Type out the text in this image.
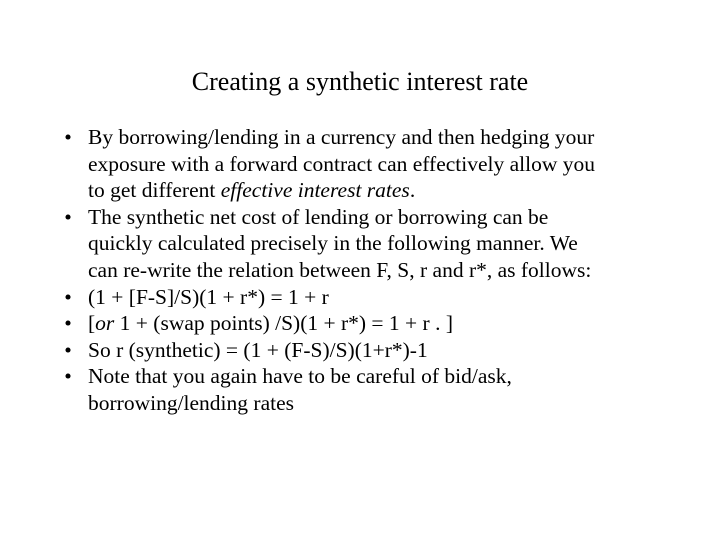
Creating a synthetic interest rate
• By borrowing/lending in a currency and then hedging your
exposure with a forward contract can effectively allow you
to get different effective interest rates.
• The synthetic net cost of lending or borrowing can be
quickly calculated precisely in the following manner. We
can re-write the relation between F, S, r and r*, as follows:
• (1 + [F-S]/S)(1 + r*) = 1 + r
• [or 1 + (swap points) /S)(1 + r*) = 1 + r . ]
• So r (synthetic) = (1 + (F-S)/S)(1+r*)-1
• Note that you again have to be careful of bid/ask,
borrowing/lending rates
